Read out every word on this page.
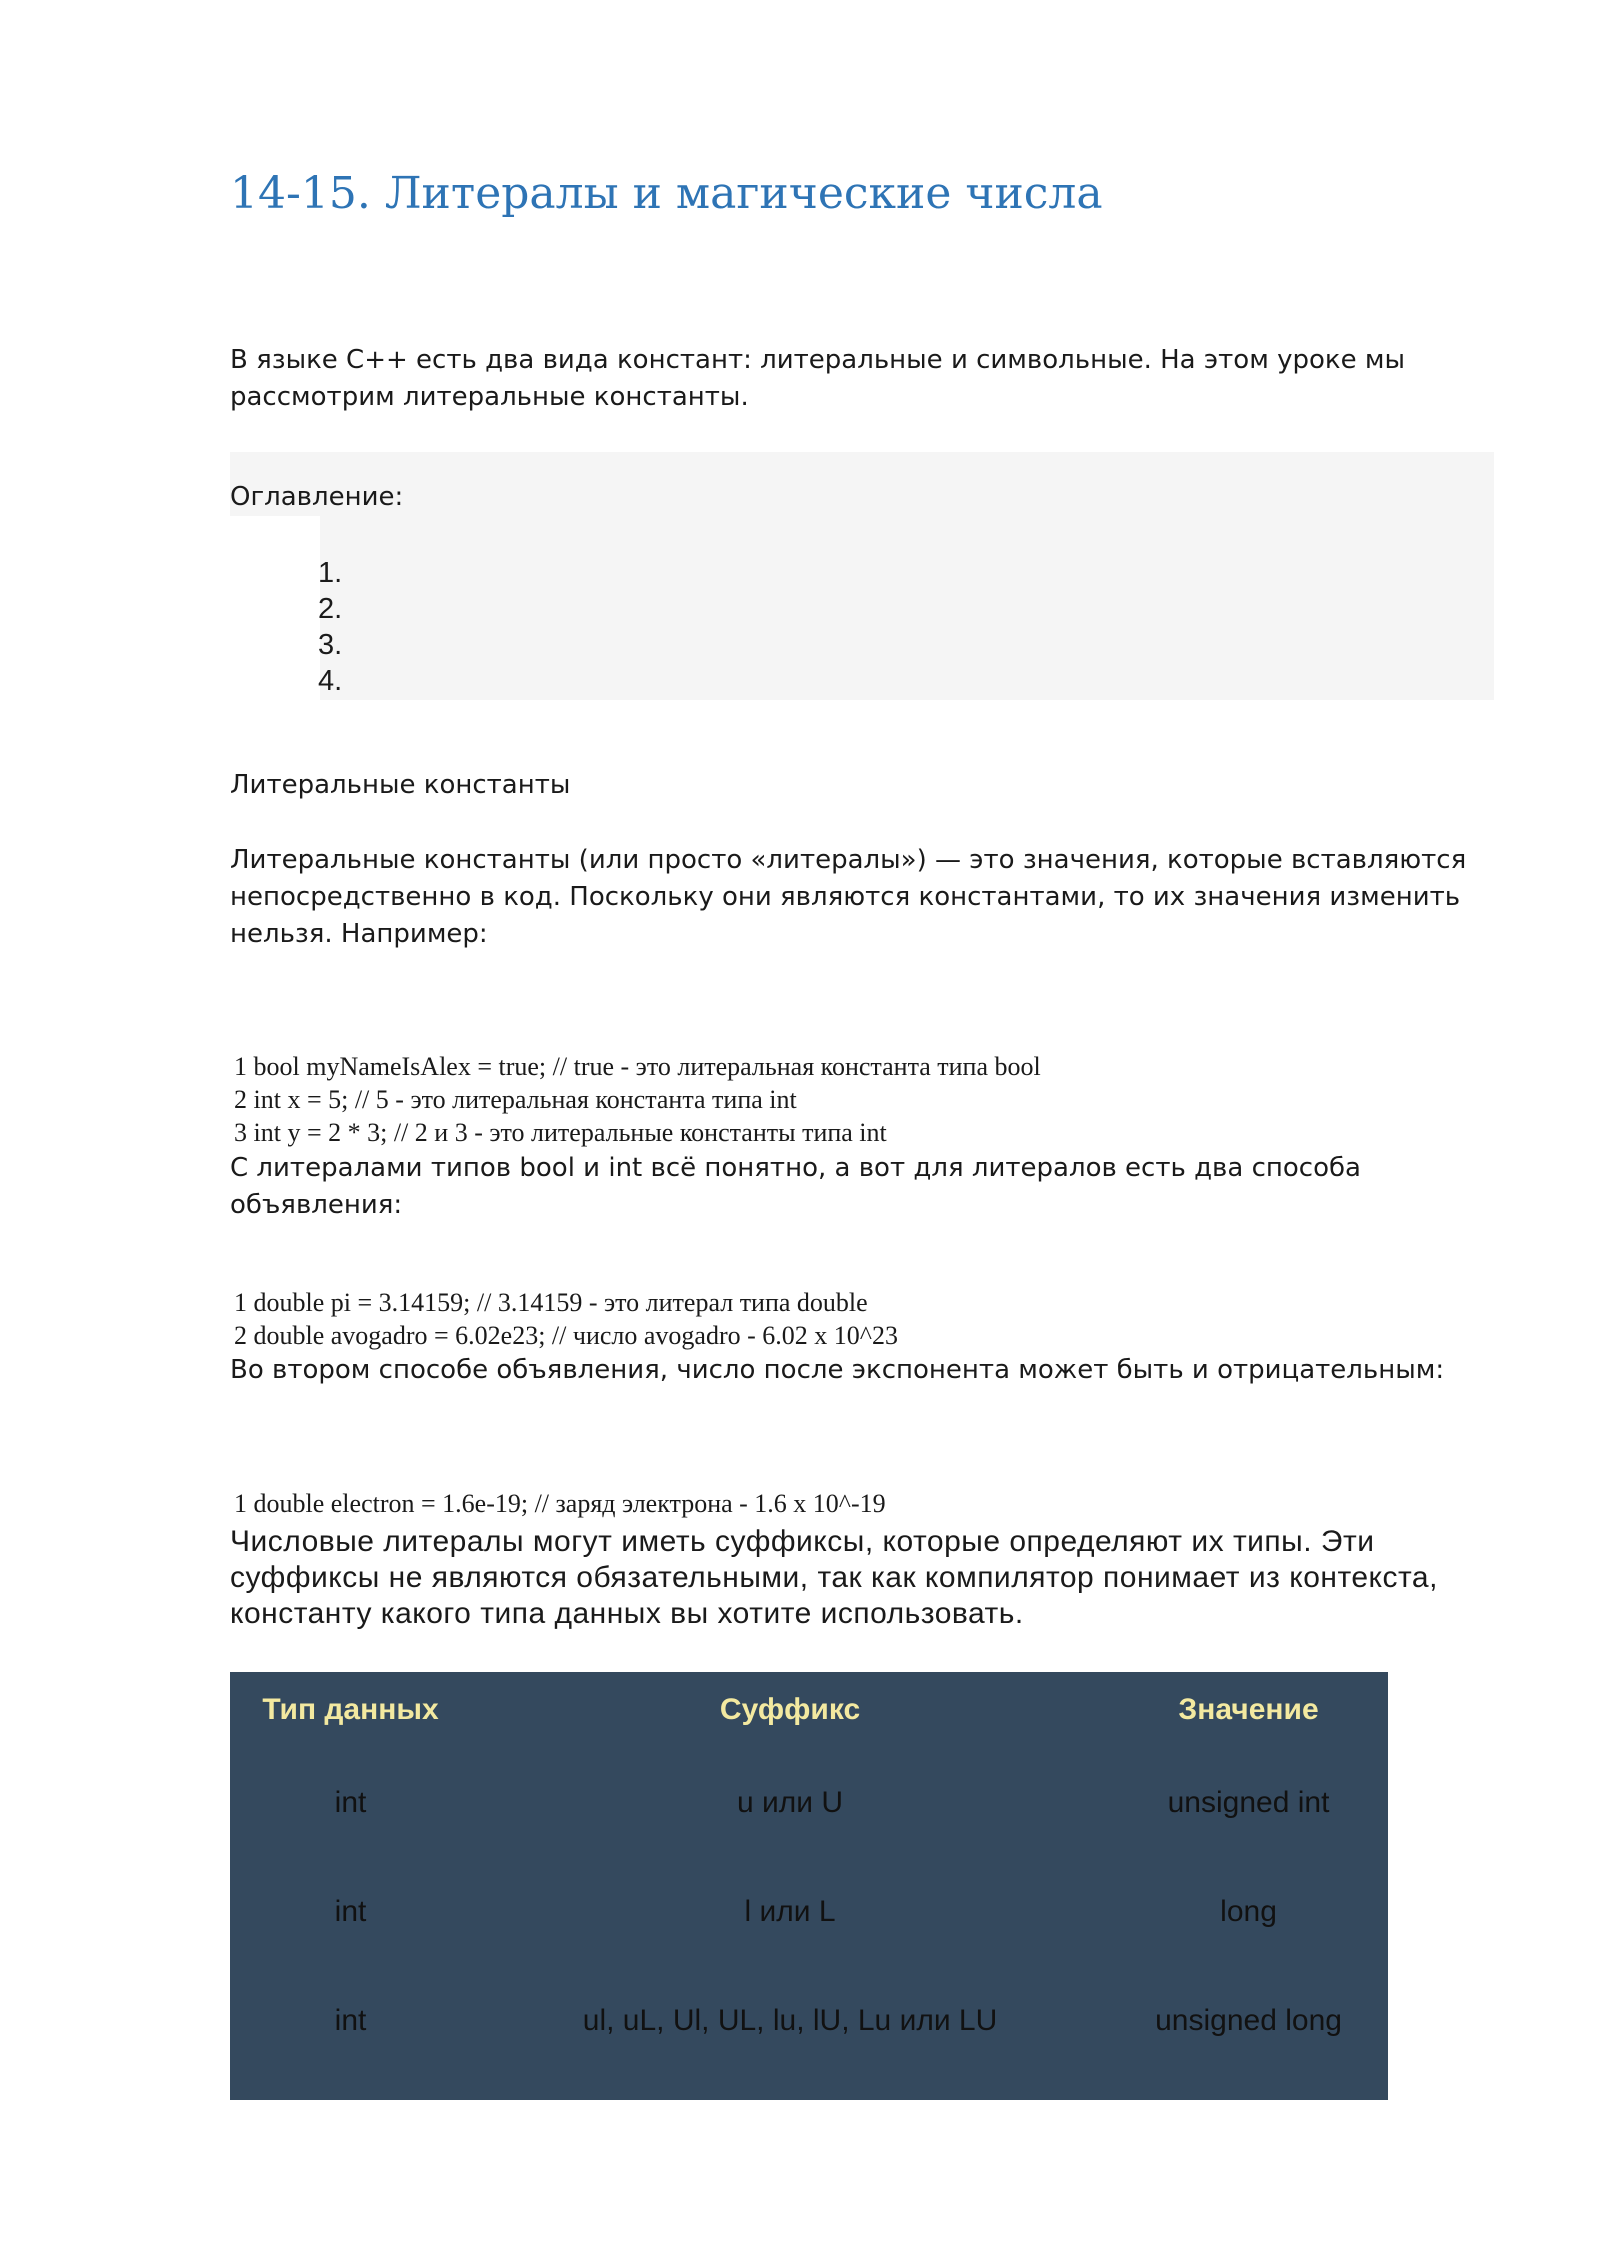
14-15. Литералы и магические числа

В языке C++ есть два вида констант: литеральные и символьные. На этом уроке мы рассмотрим литеральные константы.

Оглавление:

1.
2.
3.
4.

Литеральные константы

Литеральные константы (или просто «литералы») — это значения, которые вставляются непосредственно в код. Поскольку они являются константами, то их значения изменить нельзя. Например:

1 bool myNameIsAlex = true; // true - это литеральная константа типа bool
2 int x = 5; // 5 - это литеральная константа типа int
3 int y = 2 * 3; // 2 и 3 - это литеральные константы типа int

С литералами типов bool и int всё понятно, а вот для литералов есть два способа объявления:

1 double pi = 3.14159; // 3.14159 - это литерал типа double
2 double avogadro = 6.02e23; // число avogadro - 6.02 x 10^23

Во втором способе объявления, число после экспонента может быть и отрицательным:

1 double electron = 1.6e-19; // заряд электрона - 1.6 x 10^-19

Числовые литералы могут иметь суффиксы, которые определяют их типы. Эти суффиксы не являются обязательными, так как компилятор понимает из контекста, константу какого типа данных вы хотите использовать.

Тип данных	Суффикс	Значение
int	u или U	unsigned int
int	l или L	long
int	ul, uL, Ul, UL, lu, lU, Lu или LU	unsigned long
